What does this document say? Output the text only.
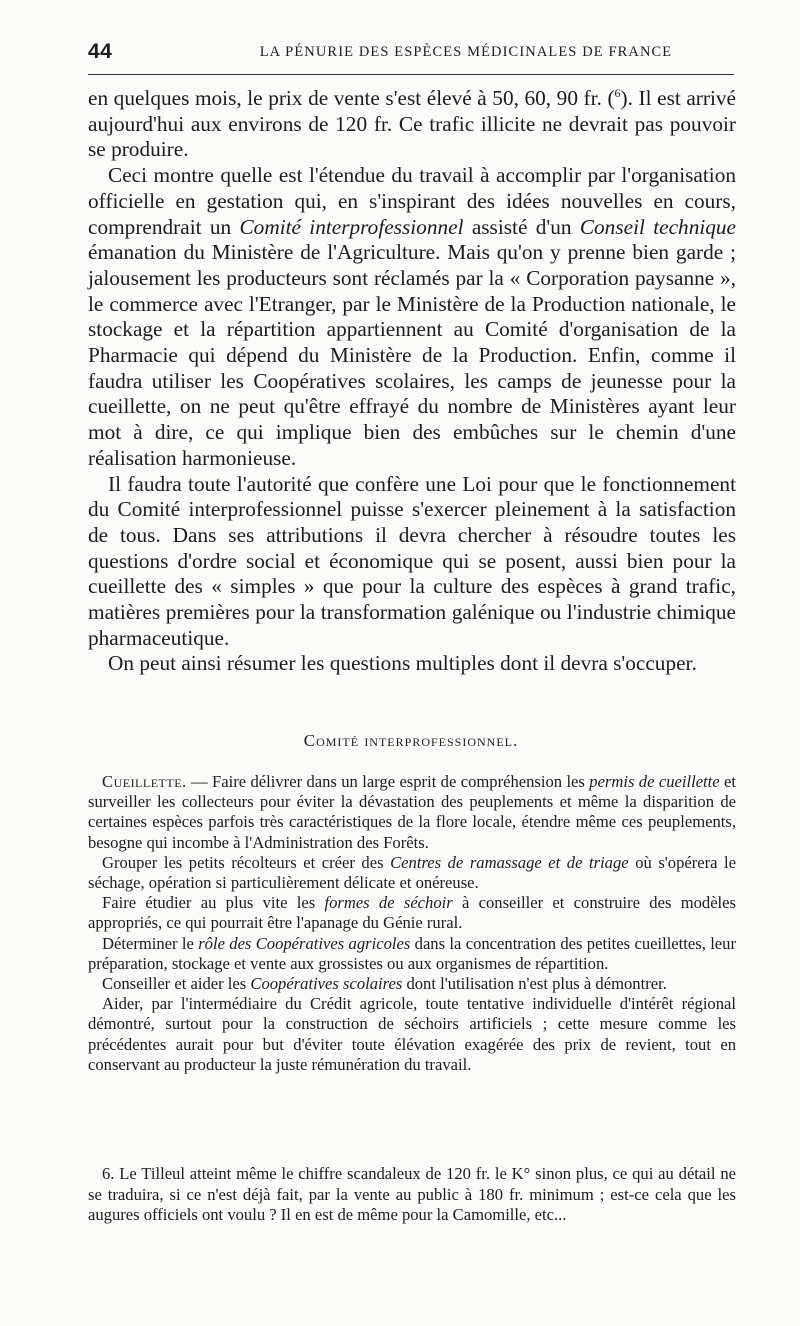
44	LA PÉNURIE DES ESPÈCES MÉDICINALES DE FRANCE

en quelques mois, le prix de vente s'est élevé à 50, 60, 90 fr. ($^6$). Il est arrivé aujourd'hui aux environs de 120 fr. Ce trafic illicite ne devrait pas pouvoir se produire.

Ceci montre quelle est l'étendue du travail à accomplir par l'organisation officielle en gestation qui, en s'inspirant des idées nouvelles en cours, comprendrait un Comité interprofessionnel assisté d'un Conseil technique émanation du Ministère de l'Agriculture. Mais qu'on y prenne bien garde ; jalousement les producteurs sont réclamés par la « Corporation paysanne », le commerce avec l'Etranger, par le Ministère de la Production nationale, le stockage et la répartition appartiennent au Comité d'organisation de la Pharmacie qui dépend du Ministère de la Production. Enfin, comme il faudra utiliser les Coopératives scolaires, les camps de jeunesse pour la cueillette, on ne peut qu'être effrayé du nombre de Ministères ayant leur mot à dire, ce qui implique bien des embûches sur le chemin d'une réalisation harmonieuse.

Il faudra toute l'autorité que confère une Loi pour que le fonctionnement du Comité interprofessionnel puisse s'exercer pleinement à la satisfaction de tous. Dans ses attributions il devra chercher à résoudre toutes les questions d'ordre social et économique qui se posent, aussi bien pour la cueillette des « simples » que pour la culture des espèces à grand trafic, matières premières pour la transformation galénique ou l'industrie chimique pharmaceutique.

On peut ainsi résumer les questions multiples dont il devra s'occuper.

Comité interprofessionnel.

Cueillette. — Faire délivrer dans un large esprit de compréhension les permis de cueillette et surveiller les collecteurs pour éviter la dévastation des peuplements et même la disparition de certaines espèces parfois très caractéristiques de la flore locale, étendre même ces peuplements, besogne qui incombe à l'Administration des Forêts.

Grouper les petits récolteurs et créer des Centres de ramassage et de triage où s'opérera le séchage, opération si particulièrement délicate et onéreuse.

Faire étudier au plus vite les formes de séchoir à conseiller et construire des modèles appropriés, ce qui pourrait être l'apanage du Génie rural.

Déterminer le rôle des Coopératives agricoles dans la concentration des petites cueillettes, leur préparation, stockage et vente aux grossistes ou aux organismes de répartition.

Conseiller et aider les Coopératives scolaires dont l'utilisation n'est plus à démontrer.

Aider, par l'intermédiaire du Crédit agricole, toute tentative individuelle d'intérêt régional démontré, surtout pour la construction de séchoirs artificiels ; cette mesure comme les précédentes aurait pour but d'éviter toute élévation exagérée des prix de revient, tout en conservant au producteur la juste rémunération du travail.

6. Le Tilleul atteint même le chiffre scandaleux de 120 fr. le K° sinon plus, ce qui au détail ne se traduira, si ce n'est déjà fait, par la vente au public à 180 fr. minimum ; est-ce cela que les augures officiels ont voulu ? Il en est de même pour la Camomille, etc...
